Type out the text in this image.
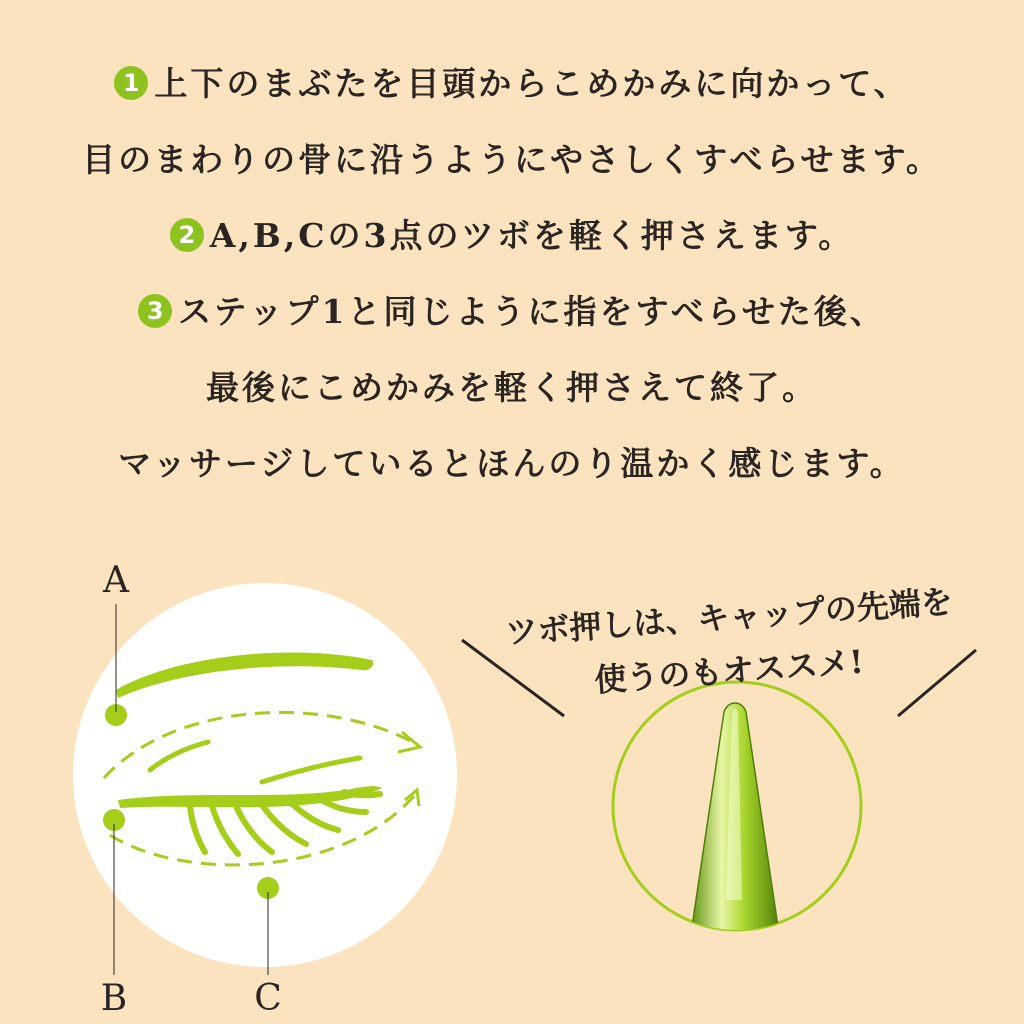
1 上下のまぶたを目頭からこめかみに向かって、
目のまわりの骨に沿うようにやさしくすべらせます。
2 A,B,Cの3点のツボを軽く押さえます。
3 ステップ1と同じように指をすべらせた後、
最後にこめかみを軽く押さえて終了。
マッサージしているとほんのり温かく感じます。
A
B	C
ツボ押しは、キャップの先端を
使うのもオススメ!
